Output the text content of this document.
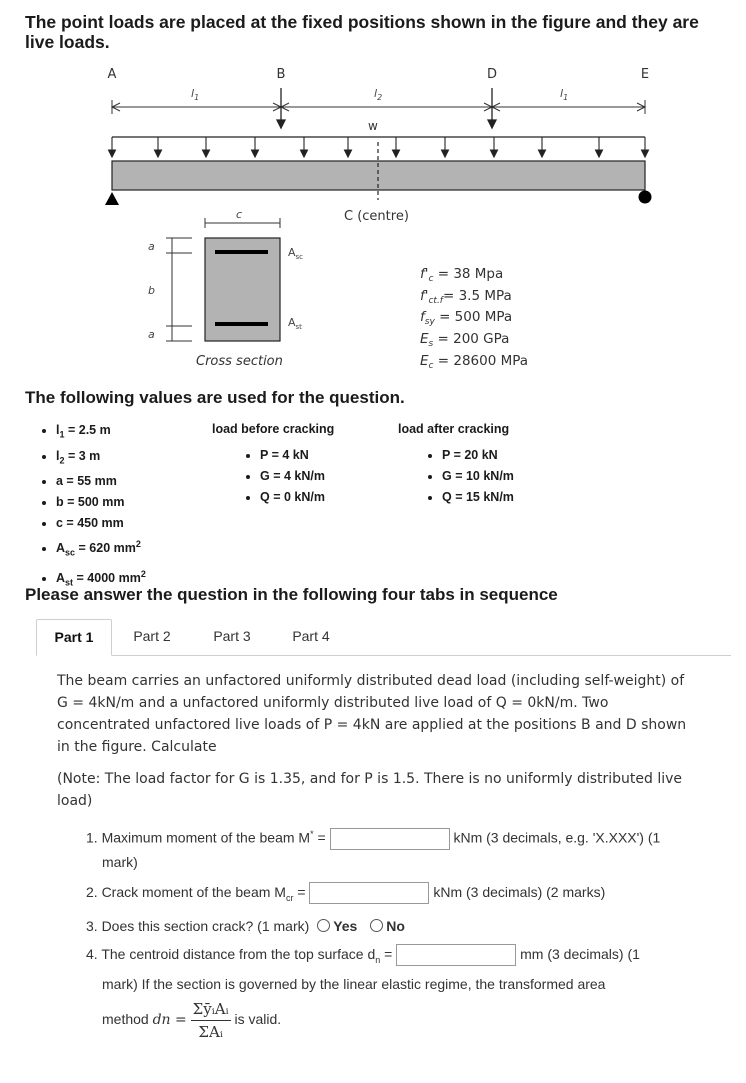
The point loads are placed at the fixed positions shown in the figure and they are live loads.
A	B	D	E
$l_1$	$l_2$	$l_1$
w
C (centre)
c
a
b
a
$A_{sc}$
$A_{st}$
Cross section
$f'_c = 38$ Mpa
$f'_{ct.f}= 3.5$ MPa
$f_{sy} = 500$ MPa
$E_s = 200$ GPa
$E_c = 28600$ MPa
The following values are used for the question.
• $l_1 = 2.5$ m
• $l_2 = 3$ m
• a = 55 mm
• b = 500 mm
• c = 450 mm
• $A_{sc} = 620$ $mm^2$
• $A_{st} = 4000$ $mm^2$
load before cracking
• P = 4 kN
• G = 4 kN/m
• Q = 0 kN/m
load after cracking
• P = 20 kN
• G = 10 kN/m
• Q = 15 kN/m
Please answer the question in the following four tabs in sequence
Part 1	Part 2	Part 3	Part 4

The beam carries an unfactored uniformly distributed dead load (including self-weight) of G = 4kN/m and a unfactored uniformly distributed live load of Q = 0kN/m. Two concentrated unfactored live loads of P = 4kN are applied at the positions B and D shown in the figure. Calculate

(Note: The load factor for G is 1.35, and for P is 1.5. There is no uniformly distributed live load)

1. Maximum moment of the beam M* =	kNm (3 decimals, e.g. 'X.XXX') (1
mark)
2. Crack moment of the beam $M_{cr}$ =	kNm (3 decimals) (2 marks)
3. Does this section crack? (1 mark) Yes No
4. The centroid distance from the top surface $d_n$ =	mm (3 decimals) (1
mark) If the section is governed by the linear elastic regime, the transformed area
method dn = $\frac{\text{ΣȳᵢAᵢ}}{\text{ΣAᵢ}}$ is valid.
